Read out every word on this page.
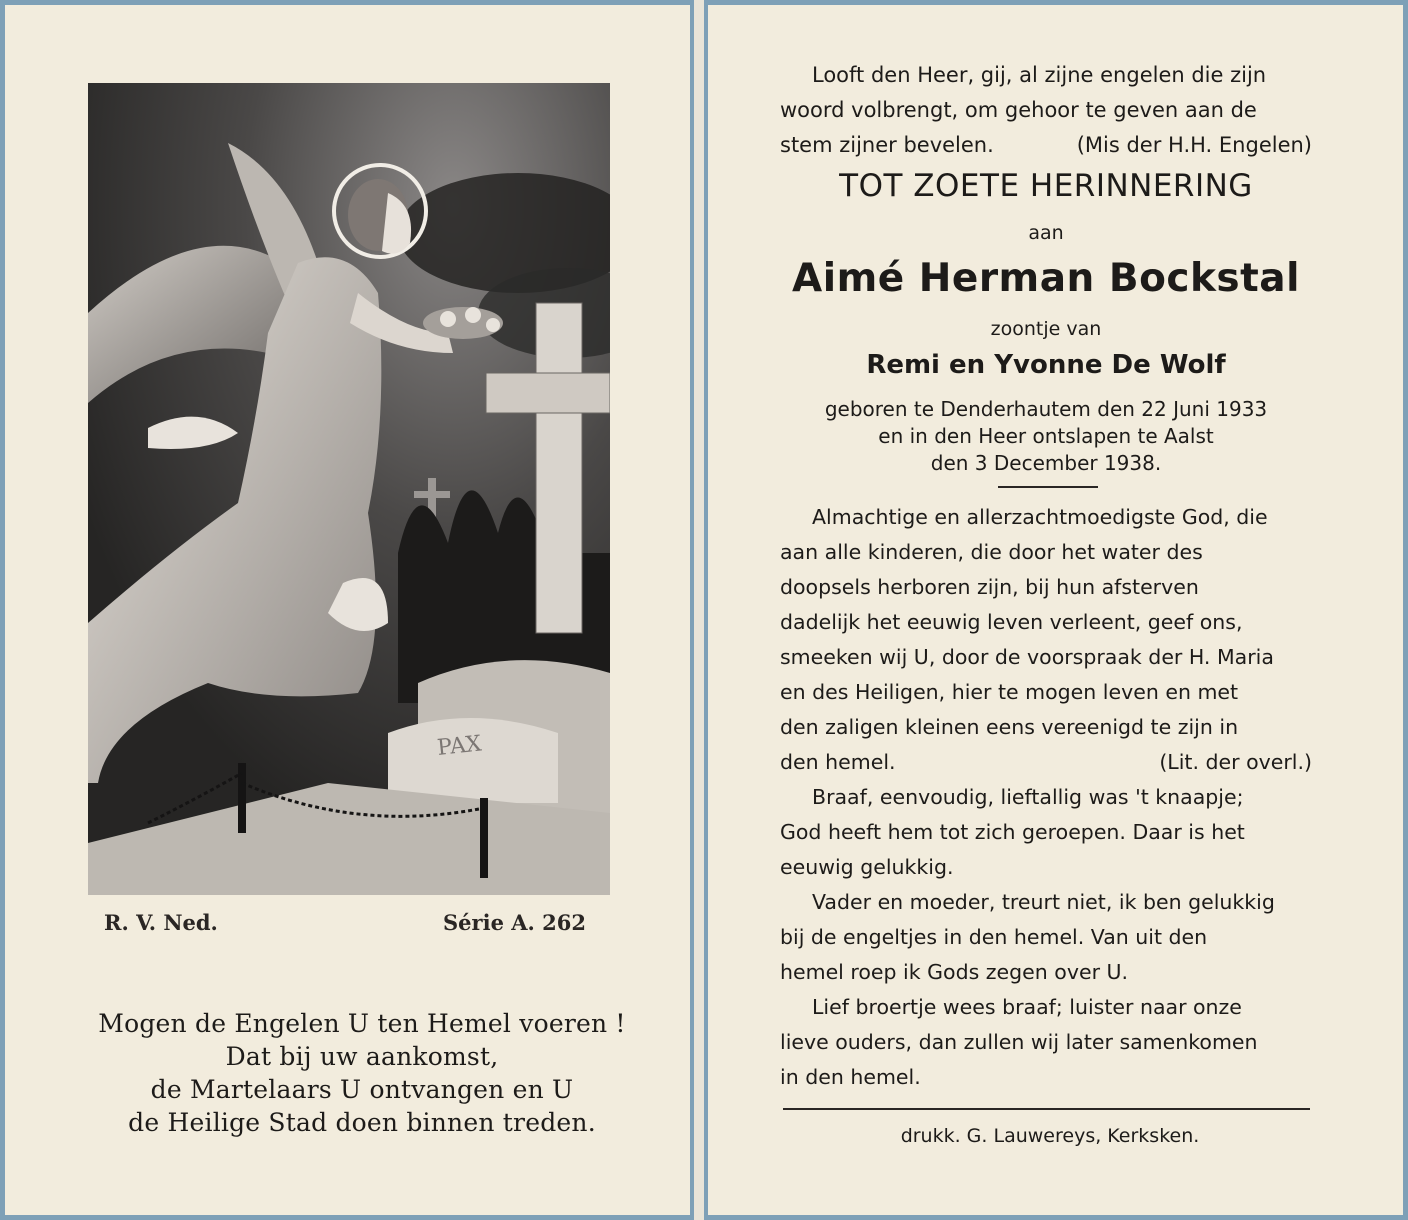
PAX
R. V. Ned.	Série A. 262
Mogen de Engelen U ten Hemel voeren !
Dat bij uw aankomst,
de Martelaars U ontvangen en U
de Heilige Stad doen binnen treden.
Looft den Heer, gij, al zijne engelen die zijn
woord volbrengt, om gehoor te geven aan de
stem zijner bevelen.	(Mis der H.H. Engelen)
TOT ZOETE HERINNERING
aan
Aimé Herman Bockstal
zoontje van
Remi en Yvonne De Wolf
geboren te Denderhautem den 22 Juni 1933
en in den Heer ontslapen te Aalst
den 3 December 1938.
Almachtige en allerzachtmoedigste God, die
aan alle kinderen, die door het water des
doopsels herboren zijn, bij hun afsterven
dadelijk het eeuwig leven verleent, geef ons,
smeeken wij U, door de voorspraak der H. Maria
en des Heiligen, hier te mogen leven en met
den zaligen kleinen eens vereenigd te zijn in
den hemel.	(Lit. der overl.)
Braaf, eenvoudig, lieftallig was 't knaapje;
God heeft hem tot zich geroepen. Daar is het
eeuwig gelukkig.
Vader en moeder, treurt niet, ik ben gelukkig
bij de engeltjes in den hemel. Van uit den
hemel roep ik Gods zegen over U.
Lief broertje wees braaf; luister naar onze
lieve ouders, dan zullen wij later samenkomen
in den hemel.
drukk. G. Lauwereys, Kerksken.
